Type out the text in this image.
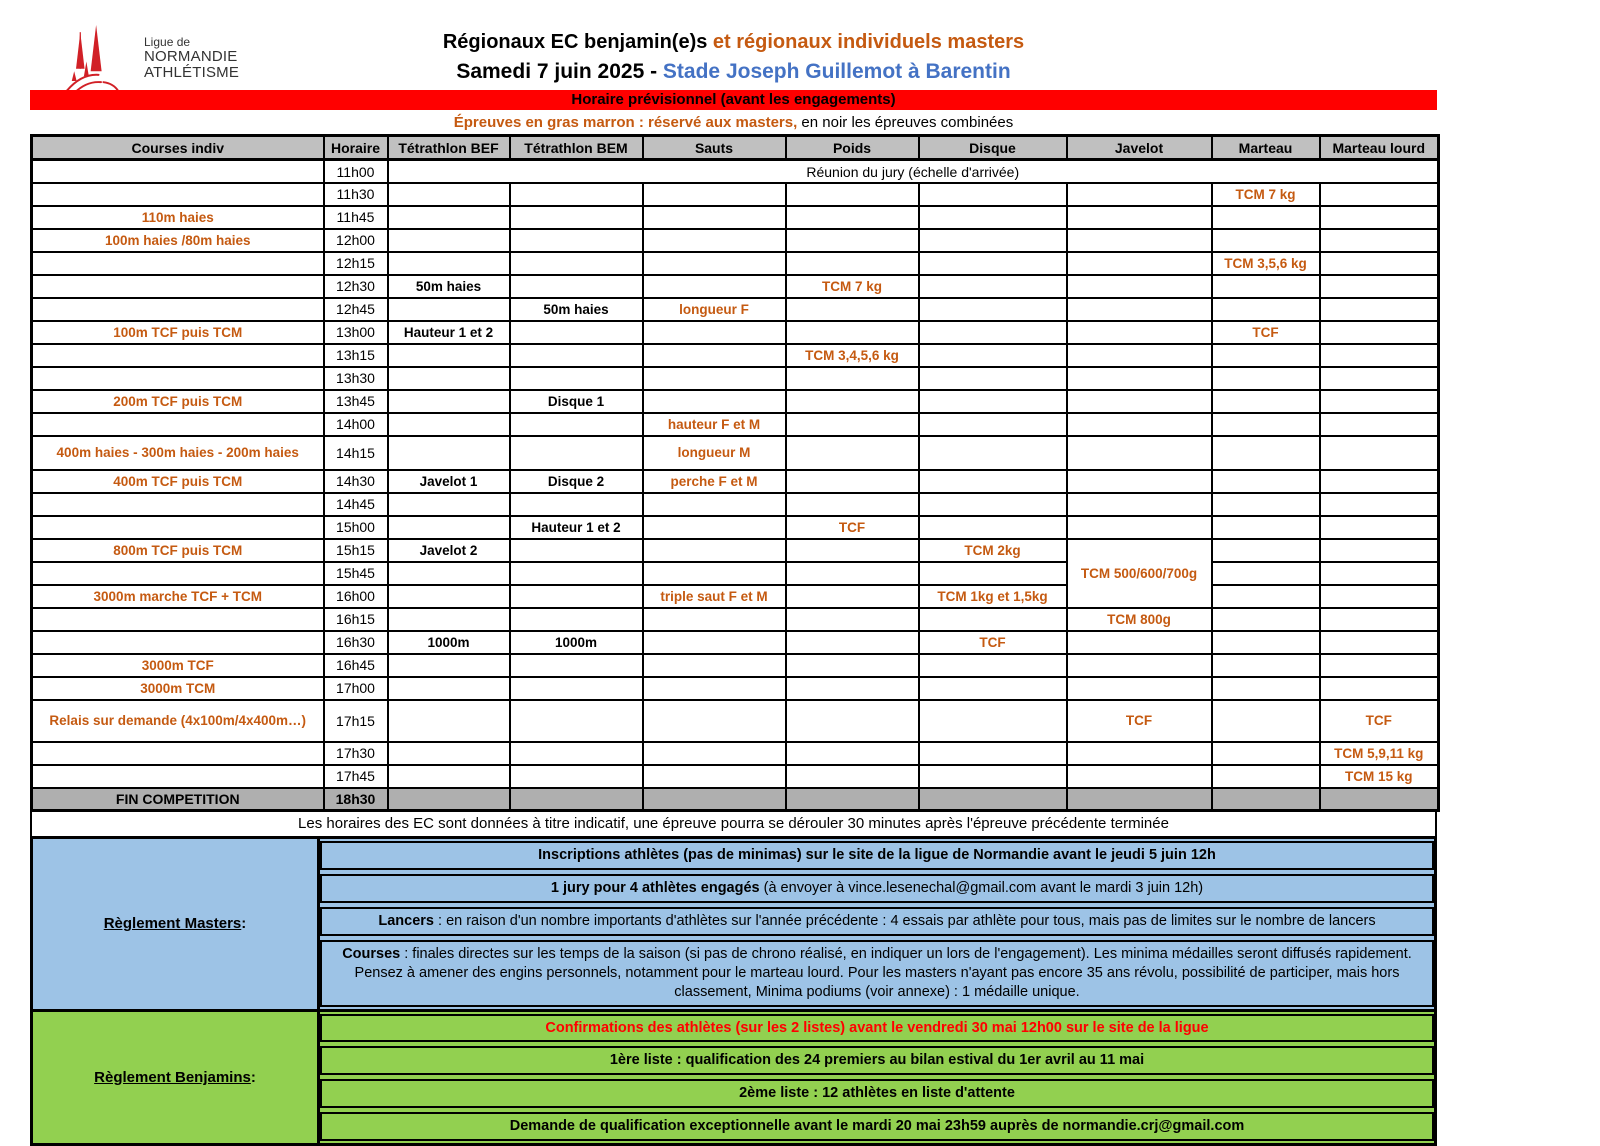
Ligue de
NORMANDIE
ATHLÉTISME
Régionaux EC benjamin(e)s et régionaux individuels masters
Samedi 7 juin 2025 - Stade Joseph Guillemot à Barentin
Horaire prévisionnel (avant les engagements)
Épreuves en gras marron : réservé aux masters, en noir les épreuves combinées
Courses indiv	Horaire	Tétrathlon BEF	Tétrathlon BEM	Sauts	Poids	Disque	Javelot	Marteau	Marteau lourd
	11h00	Réunion du jury (échelle d'arrivée)							
	11h30							TCM 7 kg	
110m haies	11h45								
100m haies /80m haies	12h00								
	12h15							TCM 3,5,6 kg	
	12h30	50m haies			TCM 7 kg				
	12h45		50m haies	longueur F					
100m TCF puis TCM	13h00	Hauteur 1 et 2						TCF	
	13h15				TCM 3,4,5,6 kg				
	13h30								
200m TCF puis TCM	13h45		Disque 1						
	14h00			hauteur F et M					
400m haies - 300m haies - 200m haies	14h15			longueur M					
400m TCF puis TCM	14h30	Javelot 1	Disque 2	perche F et M					
	14h45								
	15h00		Hauteur 1 et 2		TCF				
800m TCF puis TCM	15h15	Javelot 2				TCM 2kg	TCM 500/600/700g		
	15h45								
3000m marche TCF + TCM	16h00			triple saut F et M		TCM 1kg et 1,5kg			
	16h15						TCM 800g		
	16h30	1000m	1000m			TCF			
3000m TCF	16h45								
3000m TCM	17h00								
Relais sur demande (4x100m/4x400m…)	17h15						TCF		TCF
	17h30								TCM 5,9,11 kg
	17h45								TCM 15 kg
FIN COMPETITION	18h30								
Les horaires des EC sont données à titre indicatif, une épreuve pourra se dérouler 30 minutes après l'épreuve précédente terminée
Règlement Masters :
Inscriptions athlètes (pas de minimas) sur le site de la ligue de Normandie avant le jeudi 5 juin 12h
1 jury pour 4 athlètes engagés (à envoyer à vince.lesenechal@gmail.com avant le mardi 3 juin 12h)
Lancers : en raison d'un nombre importants d'athlètes sur l'année précédente : 4 essais par athlète pour tous, mais pas de limites sur le nombre de lancers
Courses : finales directes sur les temps de la saison (si pas de chrono réalisé, en indiquer un lors de l'engagement). Les minima médailles seront diffusés rapidement. Pensez à amener des engins personnels, notamment pour le marteau lourd. Pour les masters n'ayant pas encore 35 ans révolu, possibilité de participer, mais hors classement, Minima podiums (voir annexe) : 1 médaille unique.
Règlement Benjamins :
Confirmations des athlètes (sur les 2 listes) avant le vendredi 30 mai 12h00 sur le site de la ligue
1ère liste : qualification des 24 premiers au bilan estival du 1er avril au 11 mai
2ème liste : 12 athlètes en liste d'attente
Demande de qualification exceptionnelle avant le mardi 20 mai 23h59 auprès de normandie.crj@gmail.com
